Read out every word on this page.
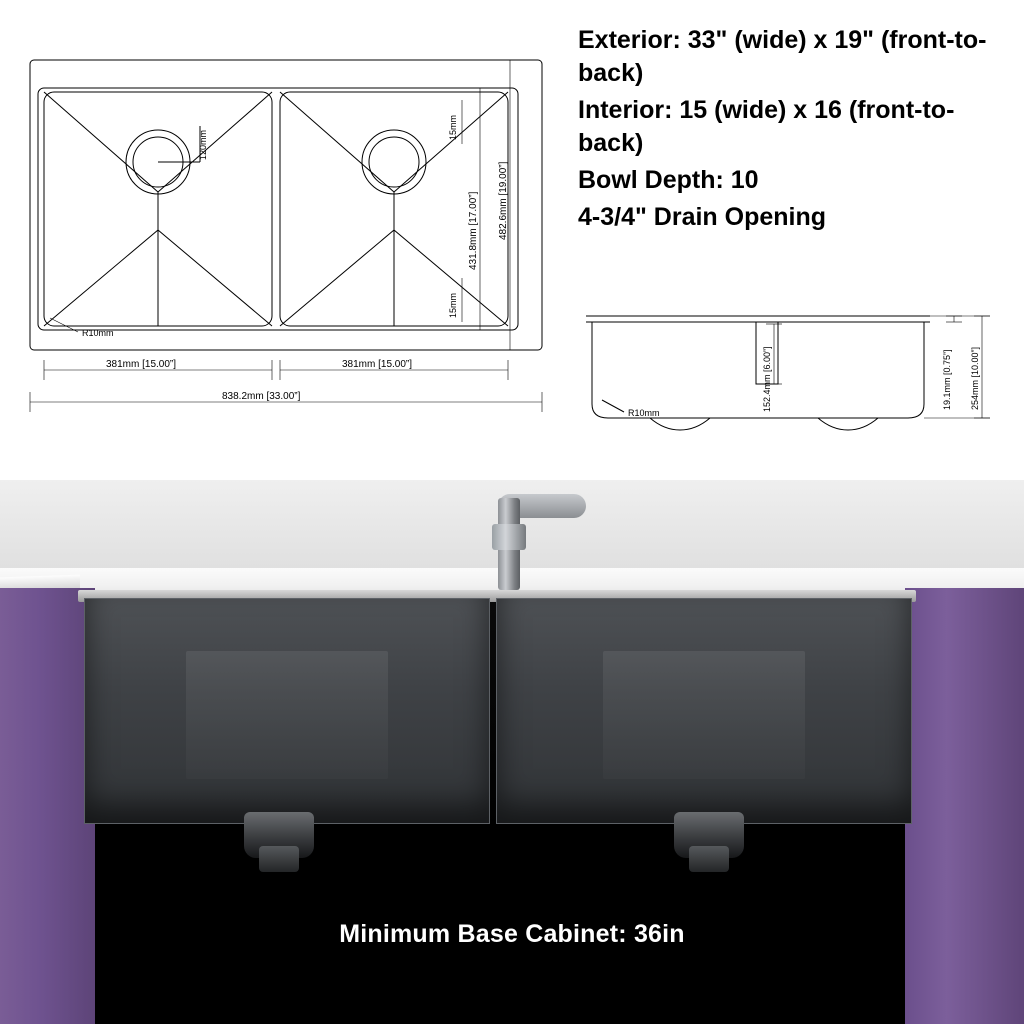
Exterior: 33" (wide) x 19" (front-to-back)
Interior: 15 (wide) x 16 (front-to-back)
Bowl Depth: 10
4-3/4" Drain Opening
R10mm
120mm
15mm
15mm
381mm [15.00”]	381mm [15.00”]
838.2mm [33.00”]
431.8mm [17.00”] 482.6mm [19.00”]
R10mm
152.4mm [6.00”]	19.1mm [0.75”] 254mm [10.00”]
Minimum Base Cabinet: 36in
